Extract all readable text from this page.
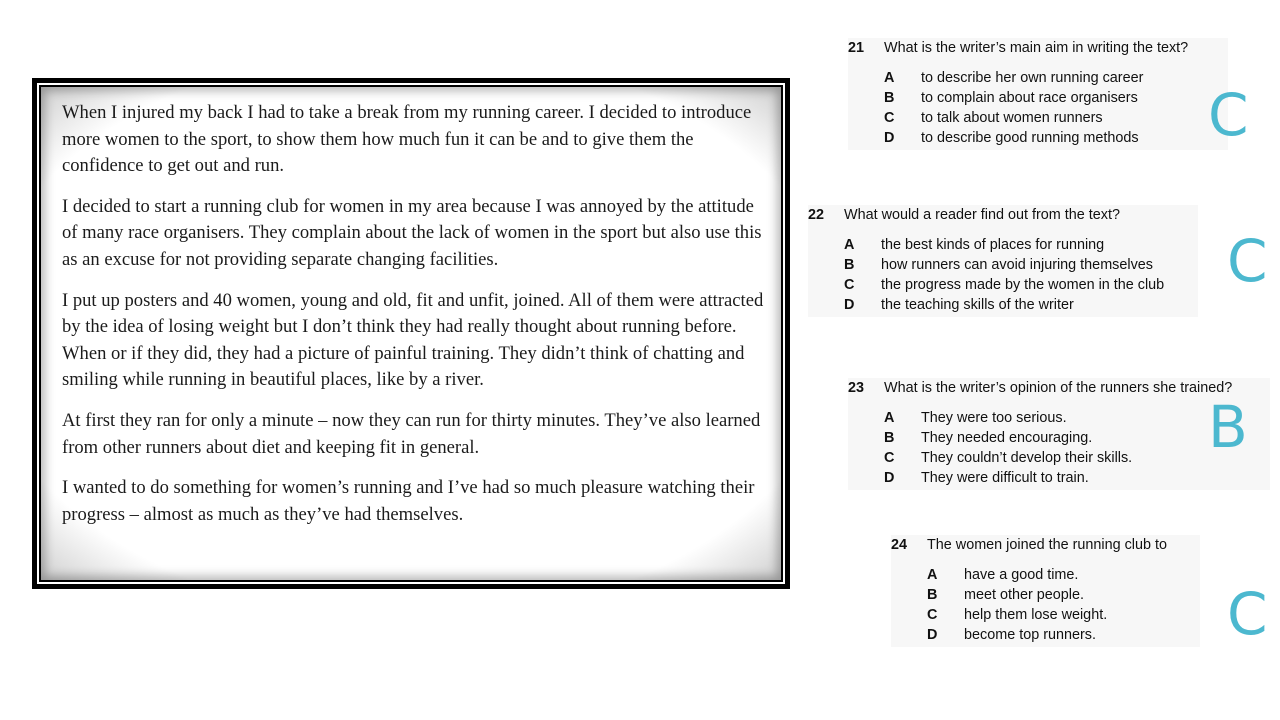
When I injured my back I had to take a break from my running career. I decided to introduce more women to the sport, to show them how much fun it can be and to give them the confidence to get out and run.

I decided to start a running club for women in my area because I was annoyed by the attitude of many race organisers. They complain about the lack of women in the sport but also use this as an excuse for not providing separate changing facilities.

I put up posters and 40 women, young and old, fit and unfit, joined. All of them were attracted by the idea of losing weight but I don’t think they had really thought about running before. When or if they did, they had a picture of painful training. They didn’t think of chatting and smiling while running in beautiful places, like by a river.

At first they ran for only a minute – now they can run for thirty minutes. They’ve also learned from other runners about diet and keeping fit in general.

I wanted to do something for women’s running and I’ve had so much pleasure watching their progress – almost as much as they’ve had themselves.

21	What is the writer’s main aim in writing the text?
A	to describe her own running career
B	to complain about race organisers
C	to talk about women runners
D	to describe good running methods C
22	What would a reader find out from the text?
A	the best kinds of places for running
B	how runners can avoid injuring themselves
C	the progress made by the women in the club
D	the teaching skills of the writer
C
23	What is the writer’s opinion of the runners she trained?
A	They were too serious.
B	They needed encouraging.
C	They couldn’t develop their skills.
D	They were difficult to train.
B
24	The women joined the running club to
A	have a good time.
B	meet other people.
C	help them lose weight.
D	become top runners. C
